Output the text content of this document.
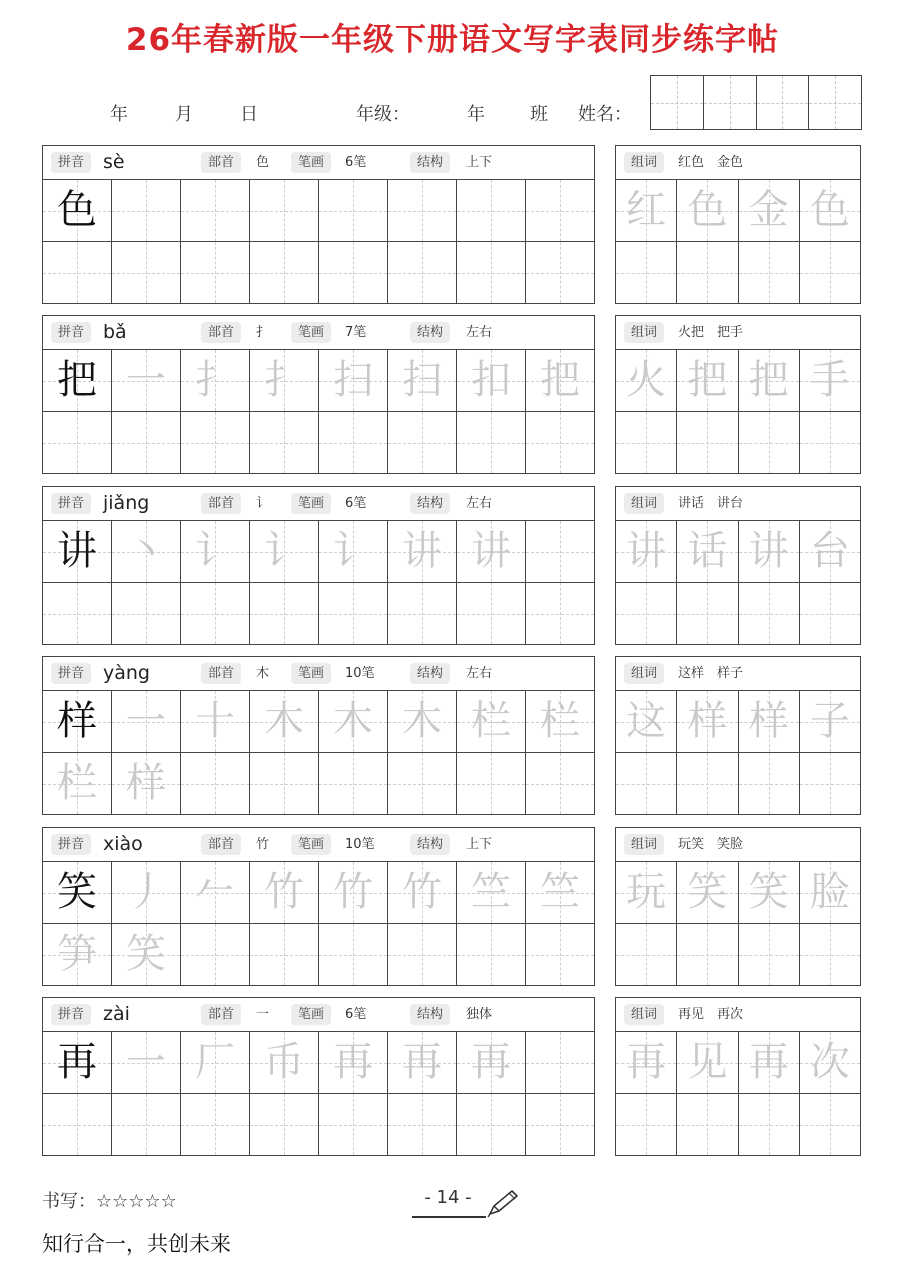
26年春新版一年级下册语文写字表同步练字帖
年	月	日	年级：	年	班 姓名：
拼音 sè	部首	色	笔画	6笔	结构	上下
色
组词	红色　金色
红 色 金 色
拼音 bǎ	部首	扌	笔画	7笔	结构	左右
把 一 扌 扌 扫 扫 扣 把
组词	火把　把手
火 把 把 手
拼音 jiǎng	部首	讠	笔画	6笔	结构	左右
讲 丶 讠 讠 讠 讲 讲
组词	讲话　讲台
讲 话 讲 台
拼音 yàng	部首	木	笔画	10笔	结构	左右
样 一 十 木 木 木 栏 栏
栏 样
组词	这样　样子
这 样 样 子
拼音 xiào	部首	竹	笔画	10笔	结构	上下
笑 丿 𠂉 竹 竹 竹 竺 竺
笋 笑
组词	玩笑　笑脸
玩 笑 笑 脸
拼音 zài	部首	一	笔画	6笔	结构	独体
再 一 厂 币 再 再 再
组词	再见　再次
再 见 再 次
书写：☆☆☆☆☆	- 14 -
知行合一，共创未来
